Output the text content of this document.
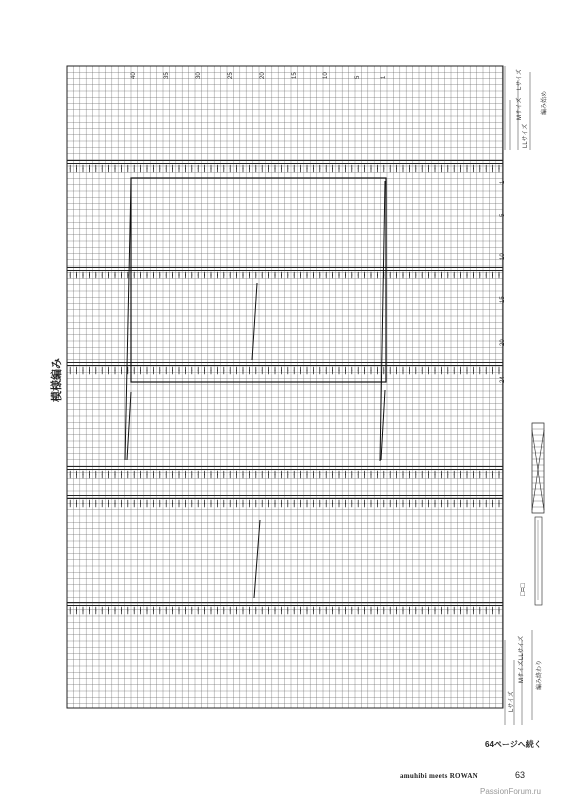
模様編み
40	35	30	25	20	15	10	5	1
1
5
10
15
20
24
LLサイズ
Mサイズ
Lサイズ
編み始め
Lサイズ
Mサイズ
LLサイズ
編み終わり
□=□
64ページへ続く
amuhibi meets ROWAN	63
PassionForum.ru
